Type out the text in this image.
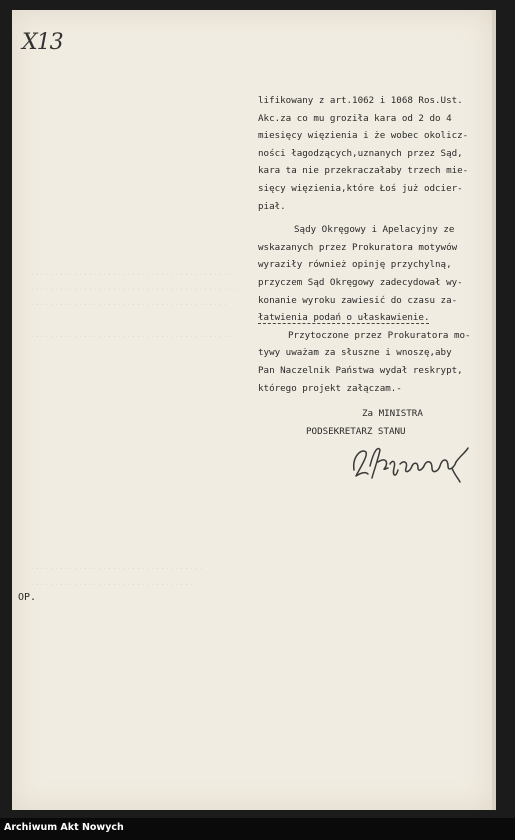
X13
..........................................
...........................................
.........................................
..........................................
....................................
..................................
lifikowany z art.1062 i 1068 Ros.Ust.
Akc.za co mu groziła kara od 2 do 4
miesięcy więzienia i że wobec okolicz-
ności łagodzących,uznanych przez Sąd,
kara ta nie przekraczałaby trzech mie-
sięcy więzienia,które Łoś już odcier-
piał.
Sądy Okręgowy i Apelacyjny ze
wskazanych przez Prokuratora motywów
wyraziły również opinję przychylną,
przyczem Sąd Okręgowy zadecydował wy-
konanie wyroku zawiesić do czasu za-
łatwienia podań o ułaskawienie.
Przytoczone przez Prokuratora mo-
tywy uważam za słuszne i wnoszę,aby
Pan Naczelnik Państwa wydał reskrypt,
którego projekt załączam.-
Za MINISTRA
PODSEKRETARZ STANU
OP.
Archiwum Akt Nowych
